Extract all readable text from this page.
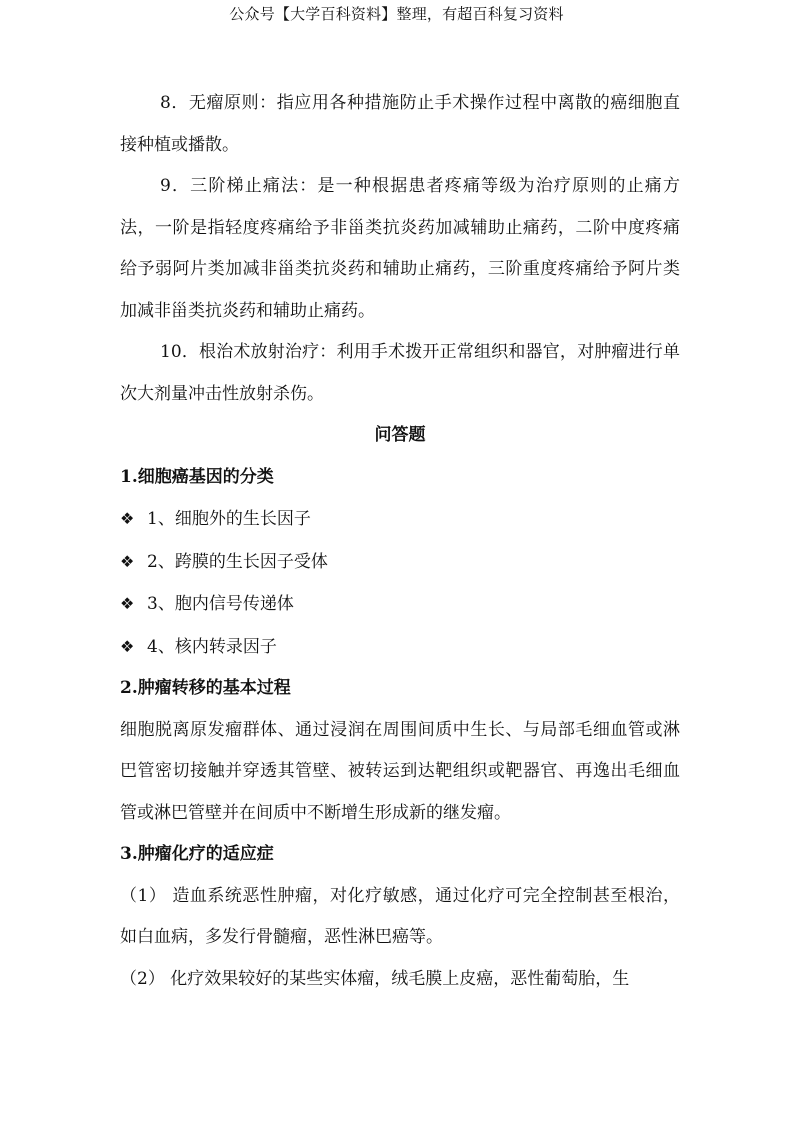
公众号【大学百科资料】整理，有超百科复习资料

8．无瘤原则：指应用各种措施防止手术操作过程中离散的癌细胞直接种植或播散。

9．三阶梯止痛法：是一种根据患者疼痛等级为治疗原则的止痛方法，一阶是指轻度疼痛给予非甾类抗炎药加减辅助止痛药，二阶中度疼痛给予弱阿片类加减非甾类抗炎药和辅助止痛药，三阶重度疼痛给予阿片类加减非甾类抗炎药和辅助止痛药。

10．根治术放射治疗：利用手术拨开正常组织和器官，对肿瘤进行单次大剂量冲击性放射杀伤。

问答题
1.细胞癌基因的分类
❖ 1、细胞外的生长因子
❖ 2、跨膜的生长因子受体
❖ 3、胞内信号传递体
❖ 4、核内转录因子
2.肿瘤转移的基本过程

细胞脱离原发瘤群体、通过浸润在周围间质中生长、与局部毛细血管或淋巴管密切接触并穿透其管壁、被转运到达靶组织或靶器官、再逸出毛细血管或淋巴管壁并在间质中不断增生形成新的继发瘤。

3.肿瘤化疗的适应症

（1） 造血系统恶性肿瘤，对化疗敏感，通过化疗可完全控制甚至根治，如白血病，多发行骨髓瘤，恶性淋巴癌等。

（2） 化疗效果较好的某些实体瘤，绒毛膜上皮癌，恶性葡萄胎，生
